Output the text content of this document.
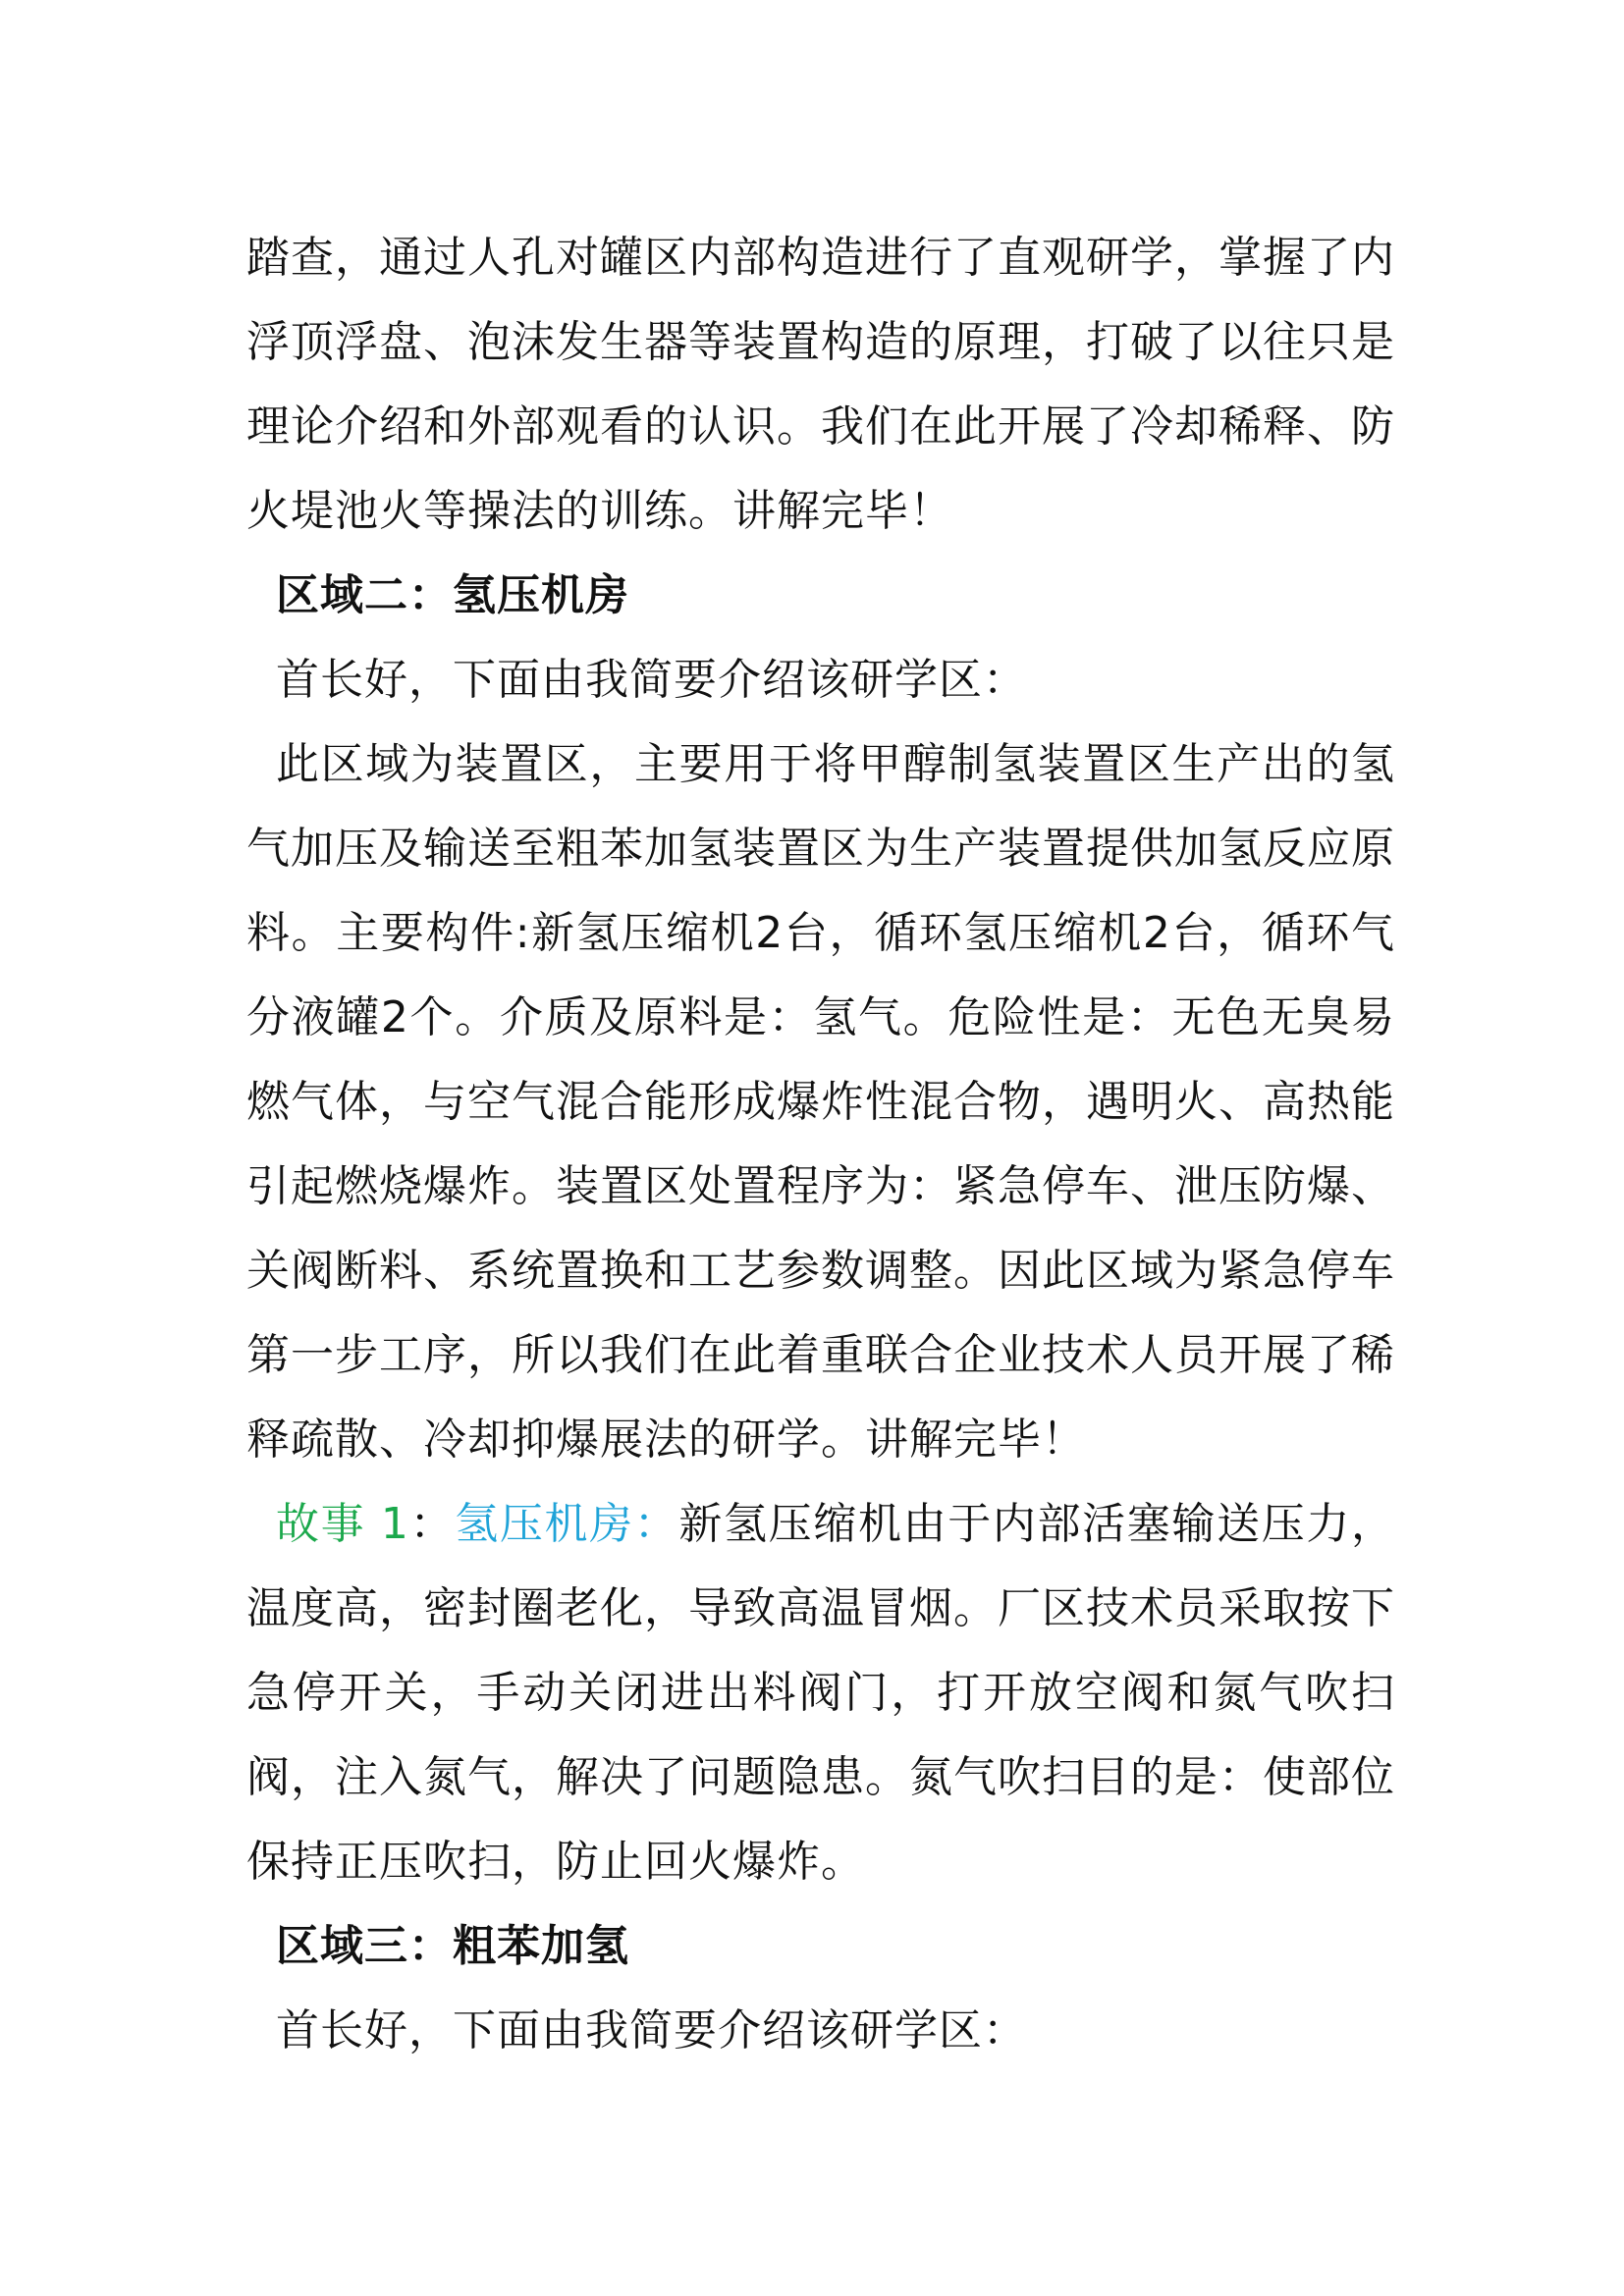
踏查，通过人孔对罐区内部构造进行了直观研学，掌握了内浮顶浮盘、泡沫发生器等装置构造的原理，打破了以往只是理论介绍和外部观看的认识。我们在此开展了冷却稀释、防火堤池火等操法的训练。讲解完毕！

区域二：氢压机房

首长好，下面由我简要介绍该研学区：

此区域为装置区，主要用于将甲醇制氢装置区生产出的氢气加压及输送至粗苯加氢装置区为生产装置提供加氢反应原料。主要构件:新氢压缩机2台，循环氢压缩机2台，循环气分液罐2个。介质及原料是：氢气。危险性是：无色无臭易燃气体，与空气混合能形成爆炸性混合物，遇明火、高热能引起燃烧爆炸。装置区处置程序为：紧急停车、泄压防爆、关阀断料、系统置换和工艺参数调整。因此区域为紧急停车第一步工序，所以我们在此着重联合企业技术人员开展了稀释疏散、冷却抑爆展法的研学。讲解完毕！

故事 1：氢压机房：新氢压缩机由于内部活塞输送压力，温度高，密封圈老化，导致高温冒烟。厂区技术员采取按下急停开关，手动关闭进出料阀门，打开放空阀和氮气吹扫阀，注入氮气，解决了问题隐患。氮气吹扫目的是：使部位保持正压吹扫，防止回火爆炸。

区域三：粗苯加氢

首长好，下面由我简要介绍该研学区：
